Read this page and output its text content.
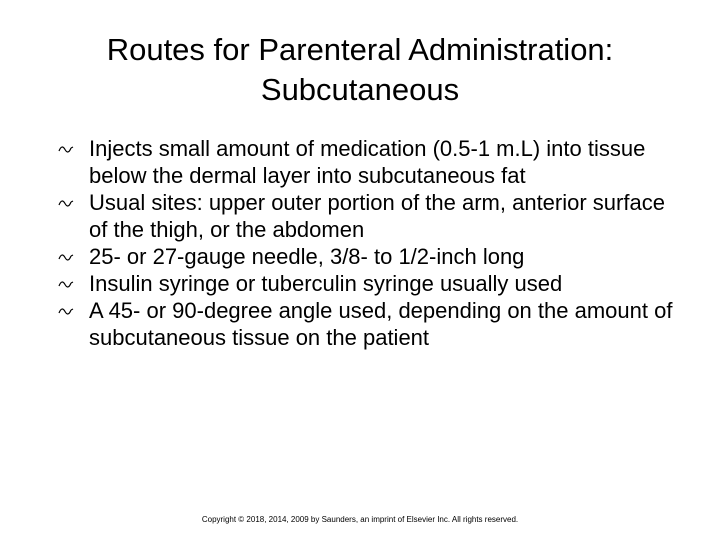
Routes for Parenteral Administration:
Subcutaneous
Injects small amount of medication (0.5-1 m.L) into tissue below the dermal layer into subcutaneous fat
Usual sites: upper outer portion of the arm, anterior surface of the thigh, or the abdomen
25- or 27-gauge needle, 3/8- to 1/2-inch long
Insulin syringe or tuberculin syringe usually used
A 45- or 90-degree angle used, depending on the amount of subcutaneous tissue on the patient
Copyright © 2018, 2014, 2009 by Saunders, an imprint of Elsevier Inc. All rights reserved.
